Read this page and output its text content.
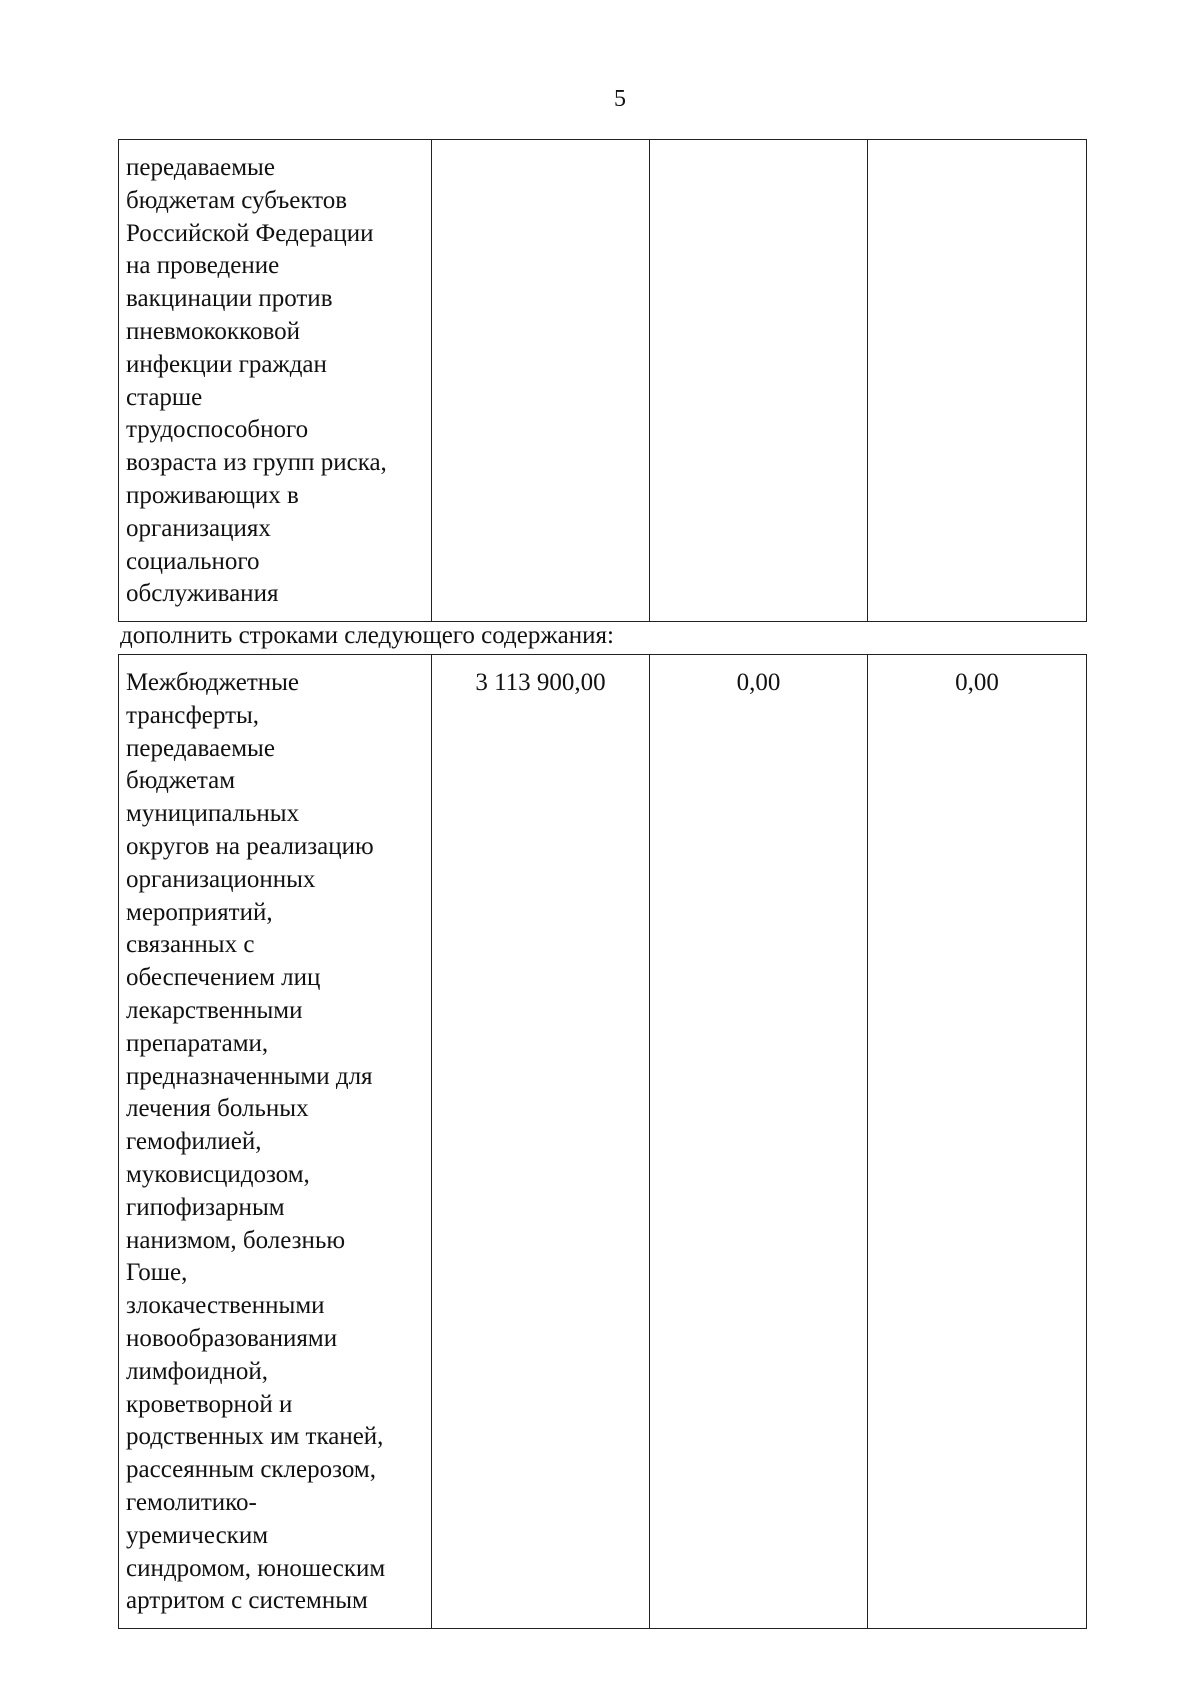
5
передаваемые
бюджетам субъектов
Российской Федерации
на проведение
вакцинации против
пневмококковой
инфекции граждан
старше
трудоспособного
возраста из групп риска,
проживающих в
организациях
социального
обслуживания			
дополнить строками следующего содержания:
Межбюджетные
трансферты,
передаваемые
бюджетам
муниципальных
округов на реализацию
организационных
мероприятий,
связанных с
обеспечением лиц
лекарственными
препаратами,
предназначенными для
лечения больных
гемофилией,
муковисцидозом,
гипофизарным
нанизмом, болезнью
Гоше,
злокачественными
новообразованиями
лимфоидной,
кроветворной и
родственных им тканей,
рассеянным склерозом,
гемолитико-
уремическим
синдромом, юношеским
артритом с системным	3 113 900,00	0,00	0,00
